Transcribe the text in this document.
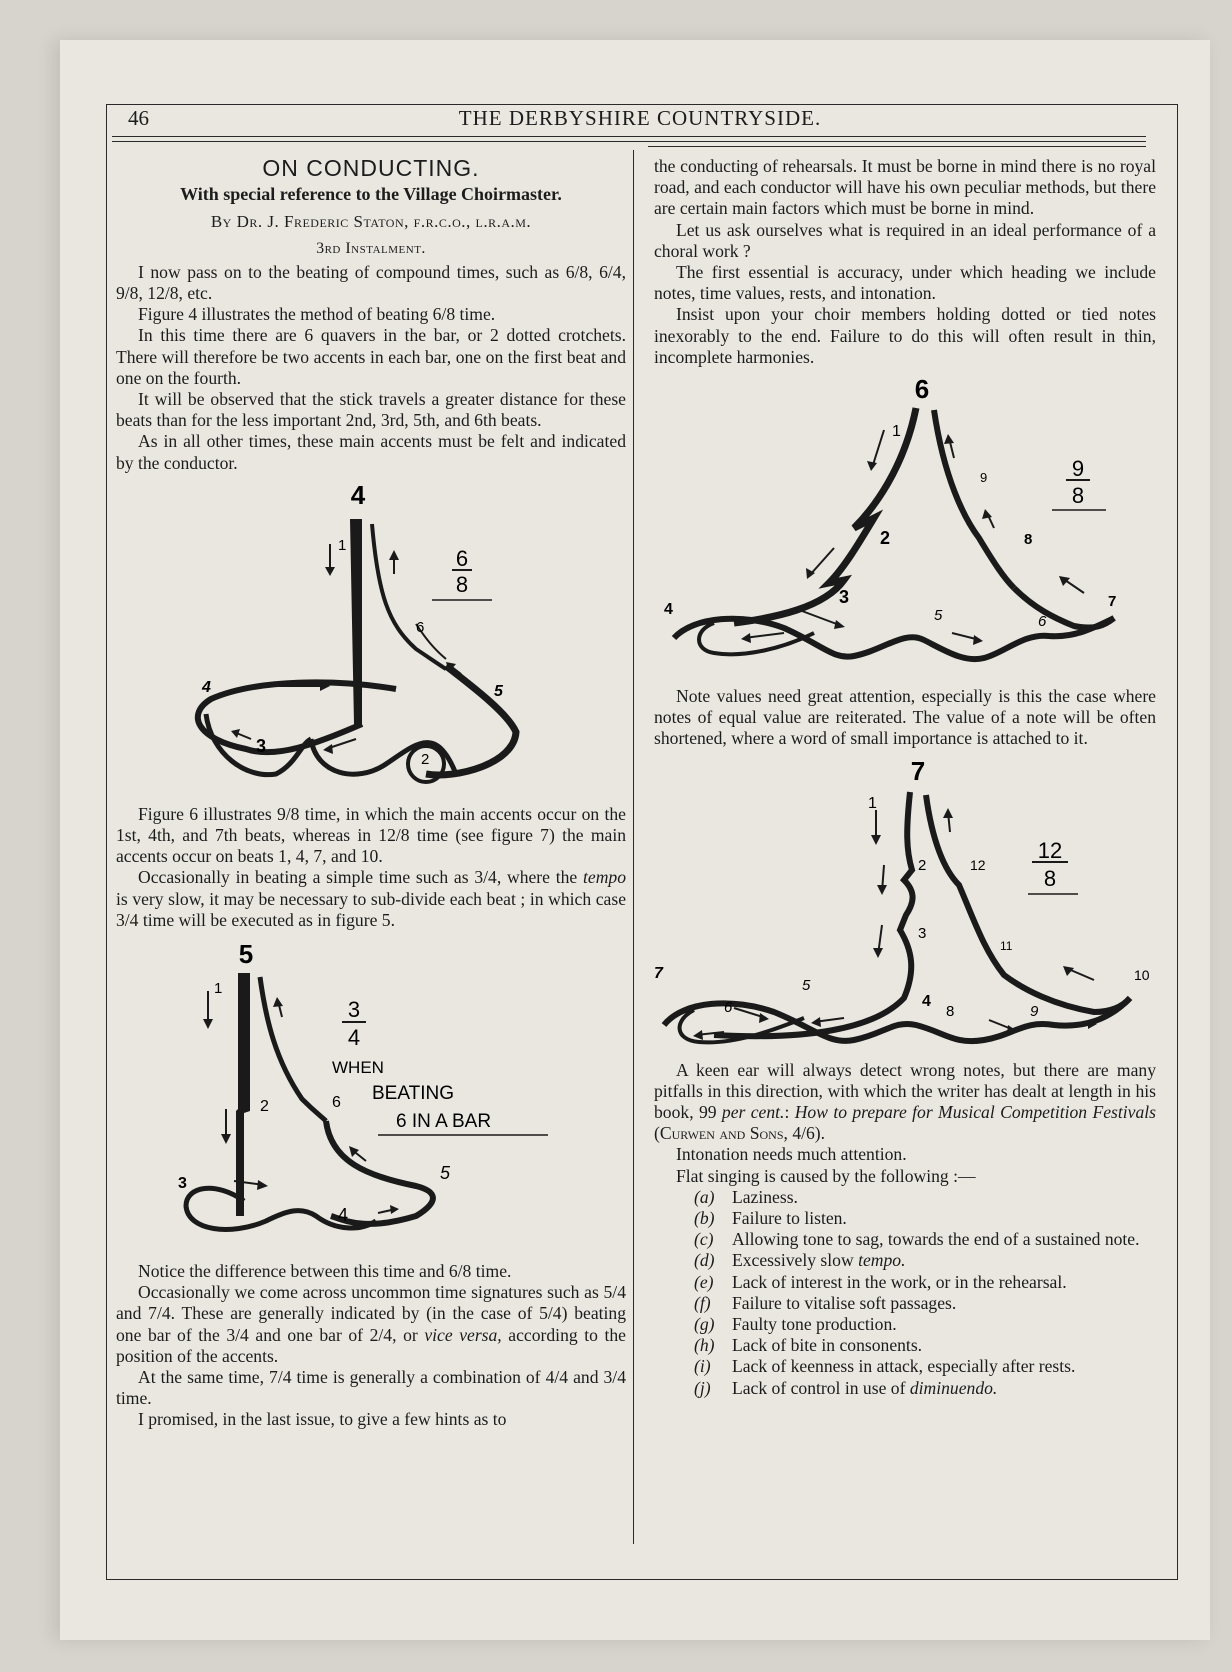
46	THE DERBYSHIRE COUNTRYSIDE.
ON CONDUCTING.
With special reference to the Village Choirmaster.
By Dr. J. Frederic Staton, f.r.c.o., l.r.a.m.
3rd Instalment.

I now pass on to the beating of compound times, such as 6/8, 6/4, 9/8, 12/8, etc.

Figure 4 illustrates the method of beating 6/8 time.

In this time there are 6 quavers in the bar, or 2 dotted crotchets. There will therefore be two accents in each bar, one on the first beat and one on the fourth.

It will be observed that the stick travels a greater distance for these beats than for the less important 2nd, 3rd, 5th, and 6th beats.

As in all other times, these main accents must be felt and indicated by the conductor.

4
1
2
3
4	5
6
6
8

Figure 6 illustrates 9/8 time, in which the main accents occur on the 1st, 4th, and 7th beats, whereas in 12/8 time (see figure 7) the main accents occur on beats 1, 4, 7, and 10.

Occasionally in beating a simple time such as 3/4, where the tempo is very slow, it may be necessary to sub-divide each beat ; in which case 3/4 time will be executed as in figure 5.

5
1
2
3
4
5
6
3
4
WHEN
BEATING
6 IN A BAR

Notice the difference between this time and 6/8 time.

Occasionally we come across uncommon time signatures such as 5/4 and 7/4. These are generally indicated by (in the case of 5/4) beating one bar of the 3/4 and one bar of 2/4, or vice versa, according to the position of the accents.

At the same time, 7/4 time is generally a combination of 4/4 and 3/4 time.

I promised, in the last issue, to give a few hints as to

the conducting of rehearsals. It must be borne in mind there is no royal road, and each conductor will have his own peculiar methods, but there are certain main factors which must be borne in mind.

Let us ask ourselves what is required in an ideal performance of a choral work ?

The first essential is accuracy, under which heading we include notes, time values, rests, and intonation.

Insist upon your choir members holding dotted or tied notes inexorably to the end. Failure to do this will often result in thin, incomplete harmonies.

6
1
2
3
4	5	6
7
8
9	9
8

Note values need great attention, especially is this the case where notes of equal value are reiterated. The value of a note will be often shortened, where a word of small importance is attached to it.

7
1
2
3
4
5
6
7
8	9
10
11
12
12
8

A keen ear will always detect wrong notes, but there are many pitfalls in this direction, with which the writer has dealt at length in his book, 99 per cent.: How to prepare for Musical Competition Festivals (Curwen and Sons, 4/6).

Intonation needs much attention.

Flat singing is caused by the following :—

(a) Laziness.
(b) Failure to listen.
(c)	Allowing tone to sag, towards the end of a sustained note.
(d) Excessively slow tempo.
(e)	Lack of interest in the work, or in the rehearsal.
(f)	Failure to vitalise soft passages.
(g) Faulty tone production.
(h) Lack of bite in consonents.
(i)	Lack of keenness in attack, especially after rests.
(j)	Lack of control in use of diminuendo.
